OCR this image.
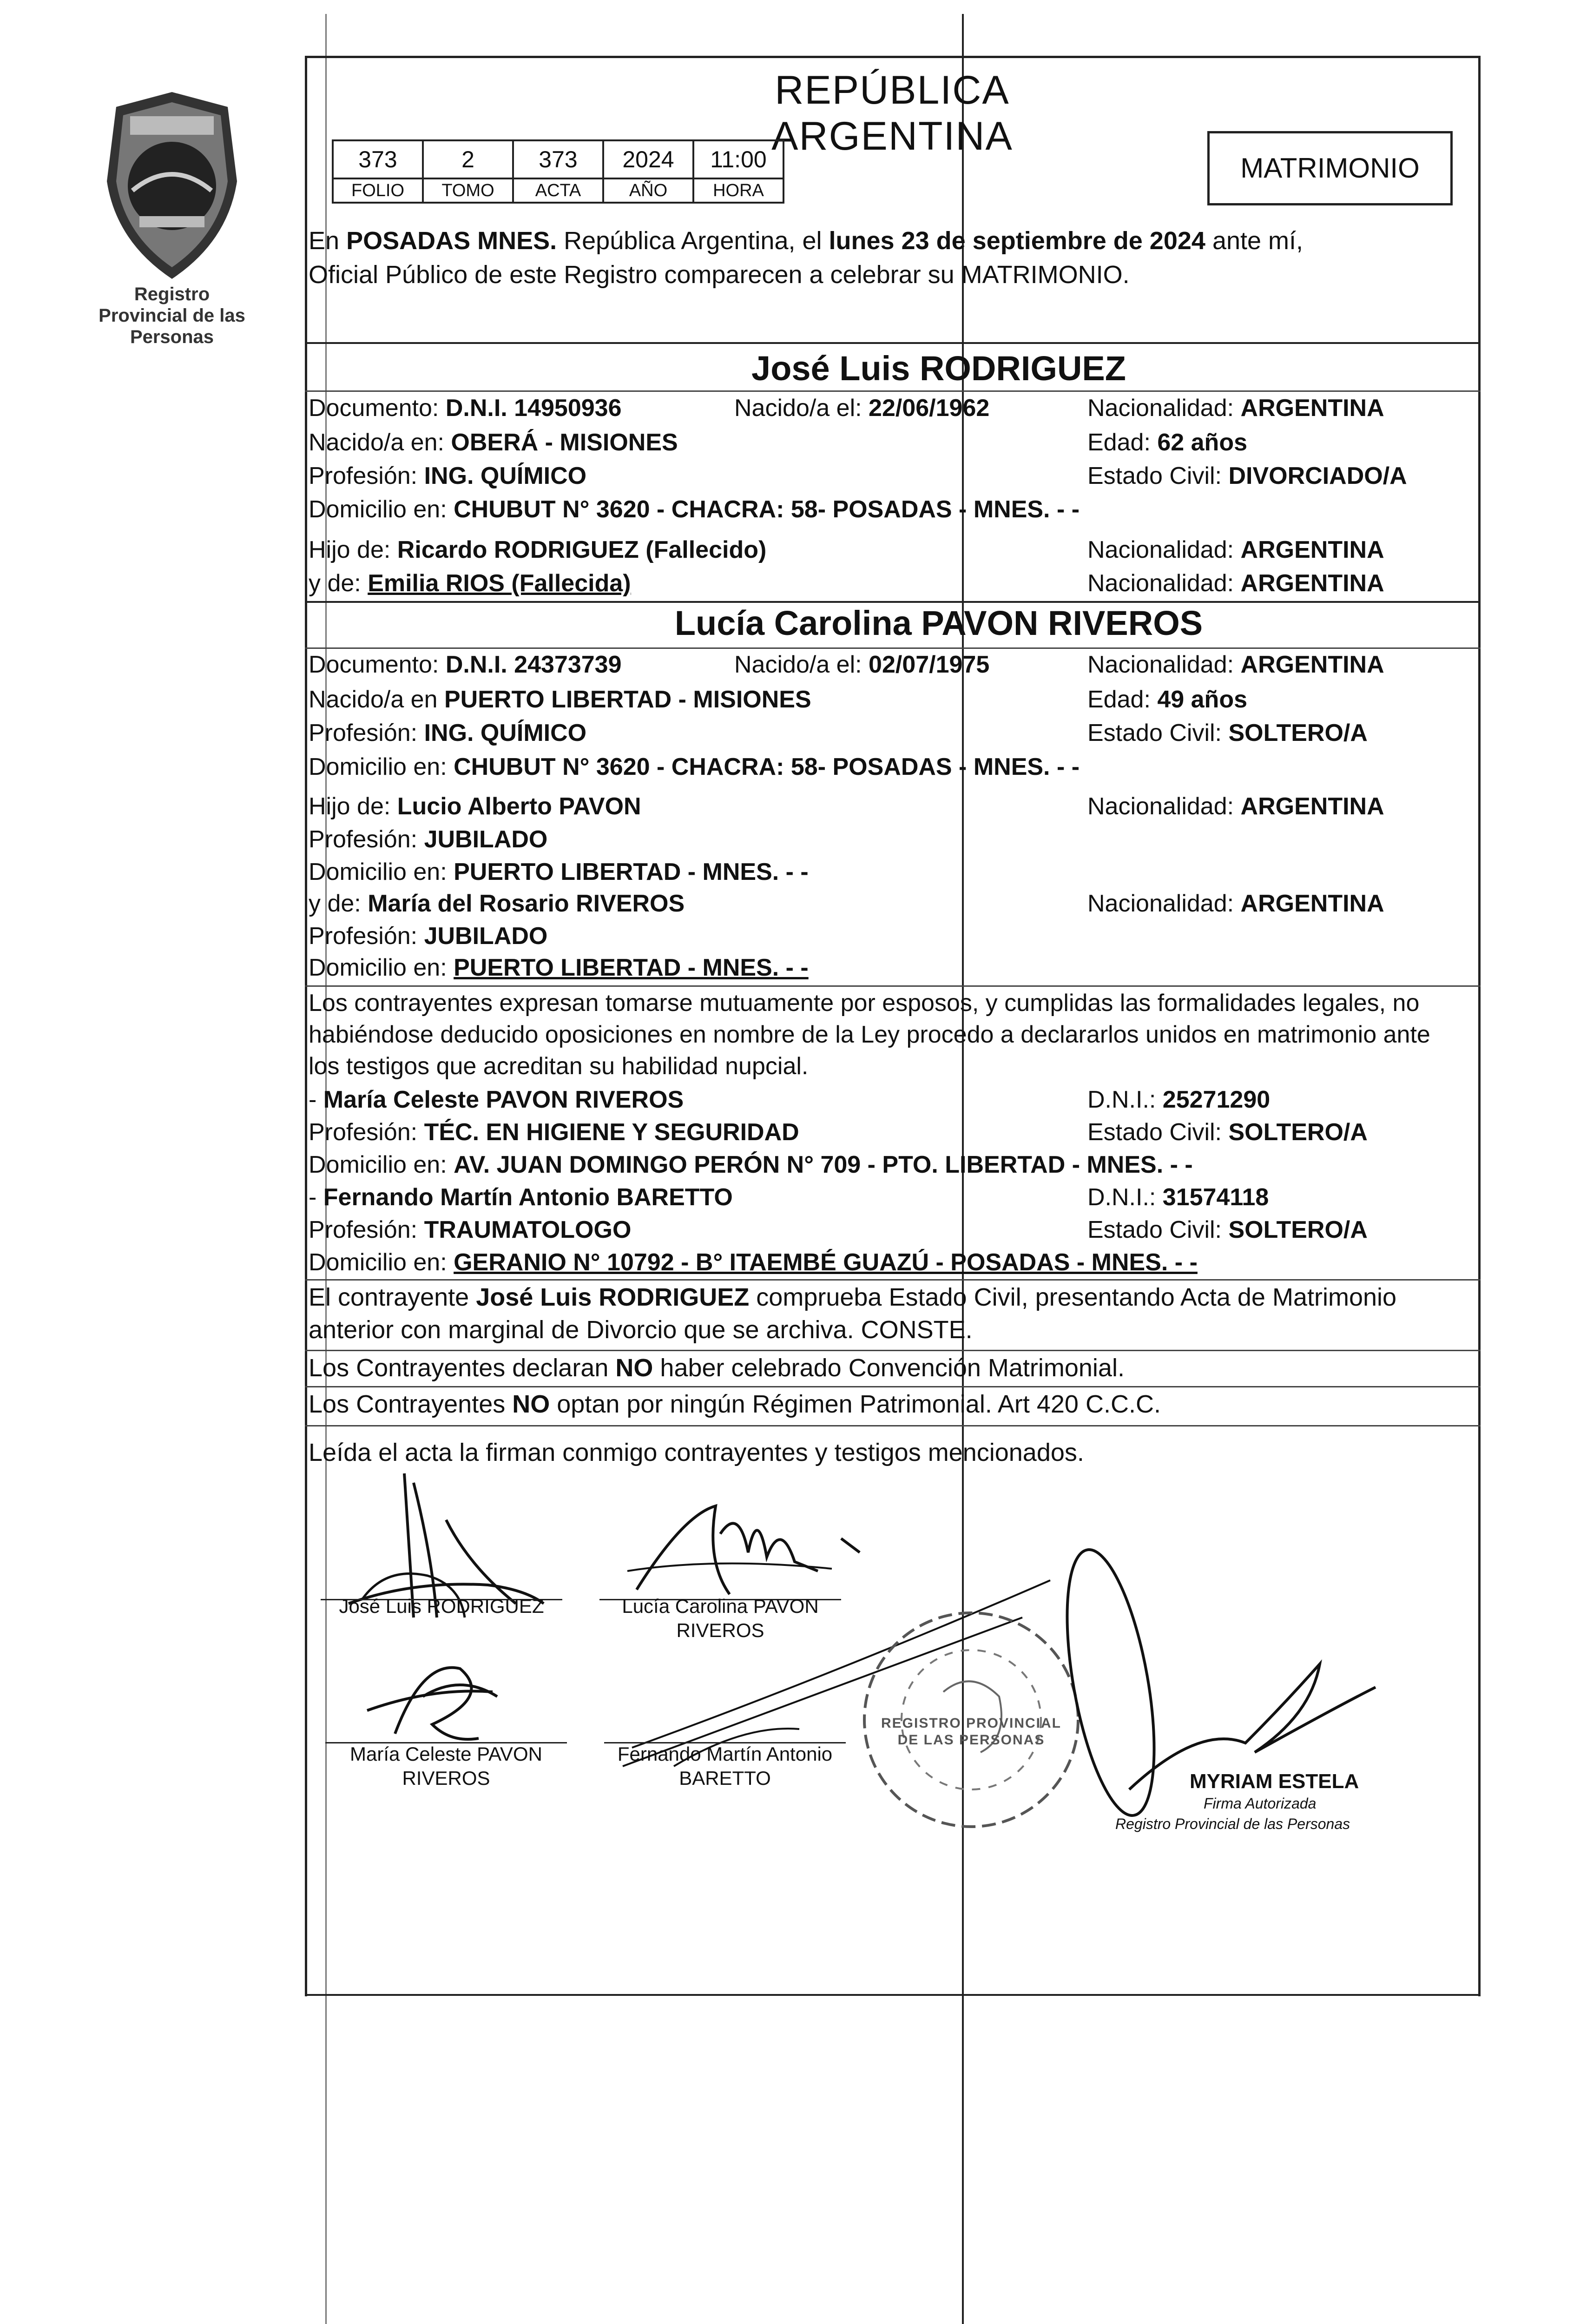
Registro Provincial de las Personas
REPÚBLICA ARGENTINA
373	2	373	2024	11:00
FOLIO	TOMO	ACTA	AÑO	HORA
MATRIMONIO
En POSADAS MNES. República Argentina, el lunes 23 de septiembre de 2024 ante mí,
Oficial Público de este Registro comparecen a celebrar su MATRIMONIO.
José Luis RODRIGUEZ
Documento: D.N.I. 14950936	Nacido/a el: 22/06/1962	Nacionalidad: ARGENTINA
Nacido/a en: OBERÁ - MISIONES	Edad: 62 años
Profesión: ING. QUÍMICO	Estado Civil: DIVORCIADO/A
Domicilio en: CHUBUT N° 3620 - CHACRA: 58- POSADAS - MNES. - -
Hijo de: Ricardo RODRIGUEZ (Fallecido)	Nacionalidad: ARGENTINA
y de: Emilia RIOS (Fallecida)	Nacionalidad: ARGENTINA
Lucía Carolina PAVON RIVEROS
Documento: D.N.I. 24373739	Nacido/a el: 02/07/1975	Nacionalidad: ARGENTINA
Nacido/a en PUERTO LIBERTAD - MISIONES	Edad: 49 años
Profesión: ING. QUÍMICO	Estado Civil: SOLTERO/A
Domicilio en: CHUBUT N° 3620 - CHACRA: 58- POSADAS - MNES. - -
Hijo de: Lucio Alberto PAVON	Nacionalidad: ARGENTINA
Profesión: JUBILADO
Domicilio en: PUERTO LIBERTAD - MNES. - -
y de: María del Rosario RIVEROS	Nacionalidad: ARGENTINA
Profesión: JUBILADO
Domicilio en: PUERTO LIBERTAD - MNES. - -
Los contrayentes expresan tomarse mutuamente por esposos, y cumplidas las formalidades legales, no
habiéndose deducido oposiciones en nombre de la Ley procedo a declararlos unidos en matrimonio ante
los testigos que acreditan su habilidad nupcial.
- María Celeste PAVON RIVEROS	D.N.I.: 25271290
Profesión: TÉC. EN HIGIENE Y SEGURIDAD	Estado Civil: SOLTERO/A
Domicilio en: AV. JUAN DOMINGO PERÓN N° 709 - PTO. LIBERTAD - MNES. - -
- Fernando Martín Antonio BARETTO	D.N.I.: 31574118
Profesión: TRAUMATOLOGO	Estado Civil: SOLTERO/A
Domicilio en: GERANIO N° 10792 - B° ITAEMBÉ GUAZÚ - POSADAS - MNES. - -
El contrayente José Luis RODRIGUEZ comprueba Estado Civil, presentando Acta de Matrimonio
anterior con marginal de Divorcio que se archiva. CONSTE.
Los Contrayentes declaran NO haber celebrado Convención Matrimonial.
Los Contrayentes NO optan por ningún Régimen Patrimonial. Art 420 C.C.C.
Leída el acta la firman conmigo contrayentes y testigos mencionados.
José Luis RODRIGUEZ	Lucía Carolina PAVON
RIVEROS
María Celeste PAVON
RIVEROS
Fernando Martín Antonio
BARETTO
REGISTRO PROVINCIAL DE LAS PERSONAS
MYRIAM ESTELA
Firma Autorizada
Registro Provincial de las Personas
